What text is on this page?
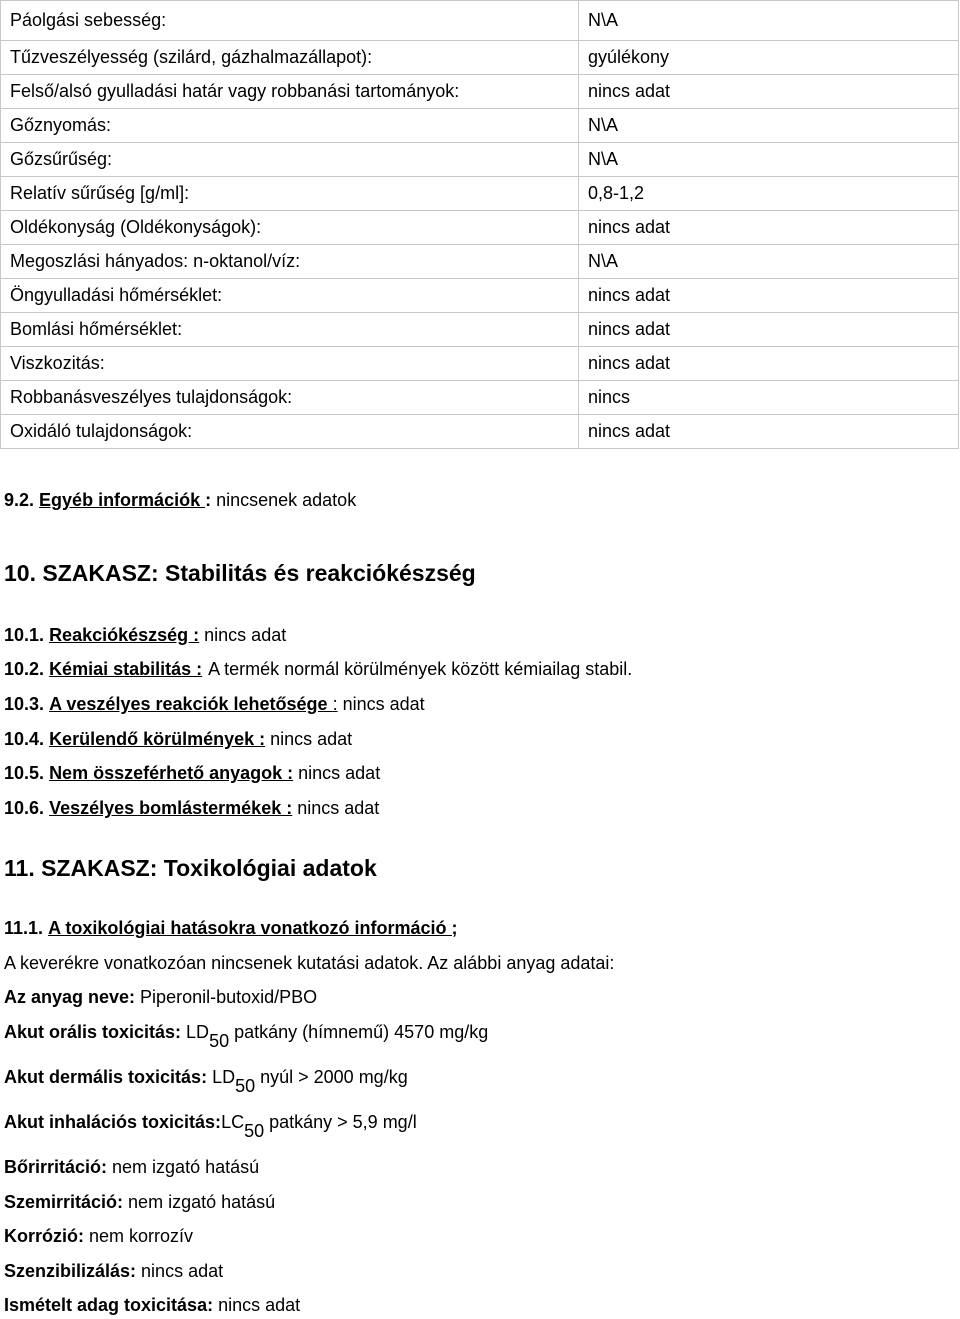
Páolgási sebesség:	N\A
Tűzveszélyesség (szilárd, gázhalmazállapot):	gyúlékony
Felső/alsó gyulladási határ vagy robbanási tartományok:	nincs adat
Gőznyomás:	N\A
Gőzsűrűség:	N\A
Relatív sűrűség [g/ml]:	0,8-1,2
Oldékonyság (Oldékonyságok):	nincs adat
Megoszlási hányados: n-oktanol/víz:	N\A
Öngyulladási hőmérséklet:	nincs adat
Bomlási hőmérséklet:	nincs adat
Viszkozitás:	nincs adat
Robbanásveszélyes tulajdonságok:	nincs
Oxidáló tulajdonságok:	nincs adat
9.2. Egyéb információk : nincsenek adatok
10. SZAKASZ: Stabilitás és reakciókészség
10.1. Reakciókészség : nincs adat
10.2. Kémiai stabilitás : A termék normál körülmények között kémiailag stabil.
10.3. A veszélyes reakciók lehetősége : nincs adat
10.4. Kerülendő körülmények : nincs adat
10.5. Nem összeférhető anyagok : nincs adat
10.6. Veszélyes bomlástermékek : nincs adat
11. SZAKASZ: Toxikológiai adatok
11.1. A toxikológiai hatásokra vonatkozó információ ;
A keverékre vonatkozóan nincsenek kutatási adatok. Az alábbi anyag adatai:
Az anyag neve: Piperonil-butoxid/PBO
Akut orális toxicitás: LD50 patkány (hímnemű) 4570 mg/kg
Akut dermális toxicitás: LD50 nyúl > 2000 mg/kg
Akut inhalációs toxicitás:LC50 patkány > 5,9 mg/l
Bőrirritáció: nem izgató hatású
Szemirritáció: nem izgató hatású
Korrózió: nem korrozív
Szenzibilizálás: nincs adat
Ismételt adag toxicitása: nincs adat
